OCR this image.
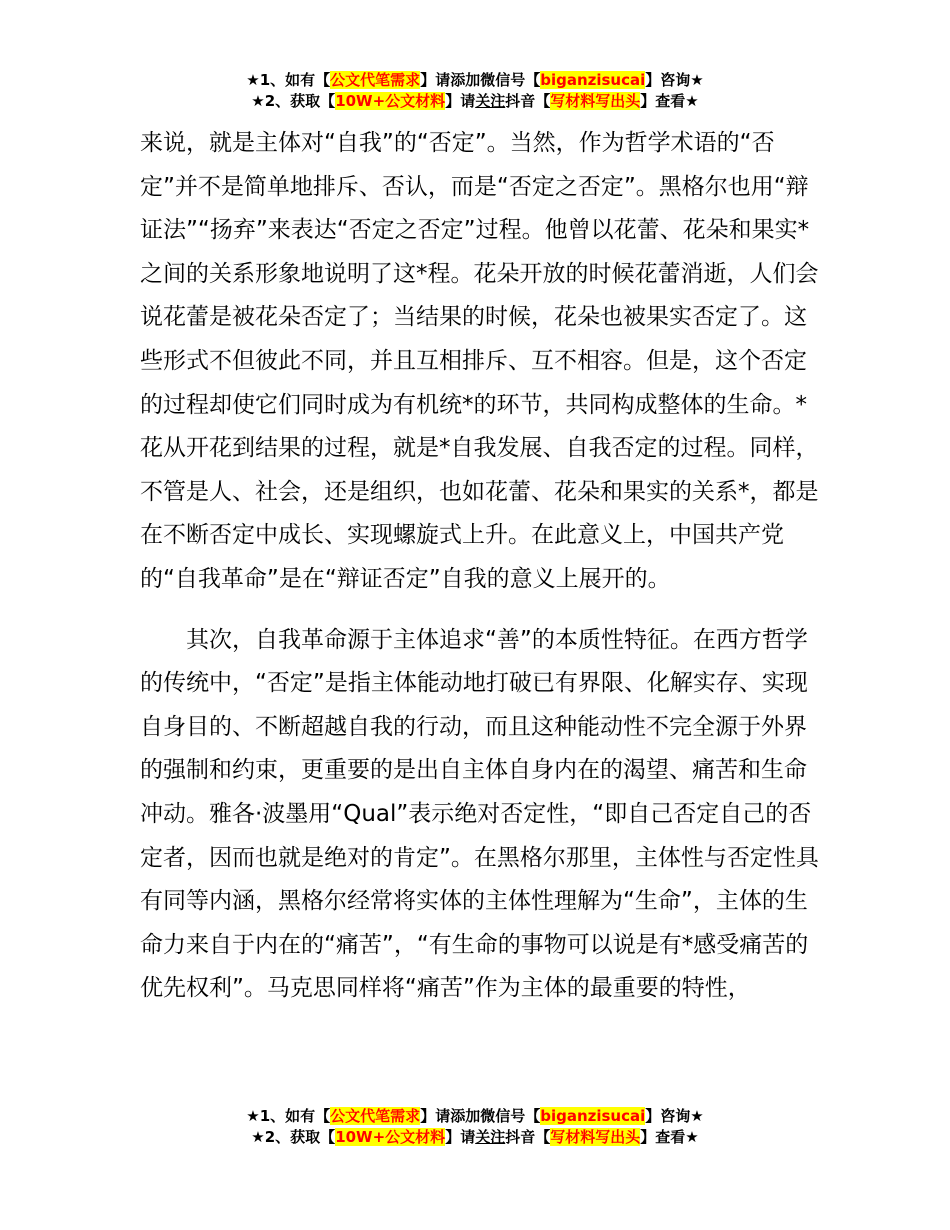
★1、如有【公文代笔需求】请添加微信号【biganzisucai】咨询★
★2、获取【10W+公文材料】请关注抖音【写材料写出头】查看★

来说，就是主体对“自我”的“否定”。当然，作为哲学术语的“否定”并不是简单地排斥、否认，而是“否定之否定”。黑格尔也用“辩证法”“扬弃”来表达“否定之否定”过程。他曾以花蕾、花朵和果实*之间的关系形象地说明了这*程。花朵开放的时候花蕾消逝，人们会说花蕾是被花朵否定了；当结果的时候，花朵也被果实否定了。这些形式不但彼此不同，并且互相排斥、互不相容。但是，这个否定的过程却使它们同时成为有机统*的环节，共同构成整体的生命。*花从开花到结果的过程，就是*自我发展、自我否定的过程。同样，不管是人、社会，还是组织，也如花蕾、花朵和果实的关系*，都是在不断否定中成长、实现螺旋式上升。在此意义上，中国共产党的“自我革命”是在“辩证否定”自我的意义上展开的。

其次，自我革命源于主体追求“善”的本质性特征。在西方哲学的传统中，“否定”是指主体能动地打破已有界限、化解实存、实现自身目的、不断超越自我的行动，而且这种能动性不完全源于外界的强制和约束，更重要的是出自主体自身内在的渴望、痛苦和生命冲动。雅各·波墨用“Qual”表示绝对否定性，“即自己否定自己的否定者，因而也就是绝对的肯定”。在黑格尔那里，主体性与否定性具有同等内涵，黑格尔经常将实体的主体性理解为“生命”，主体的生命力来自于内在的“痛苦”，“有生命的事物可以说是有*感受痛苦的优先权利”。马克思同样将“痛苦”作为主体的最重要的特性，

★1、如有【公文代笔需求】请添加微信号【biganzisucai】咨询★
★2、获取【10W+公文材料】请关注抖音【写材料写出头】查看★
